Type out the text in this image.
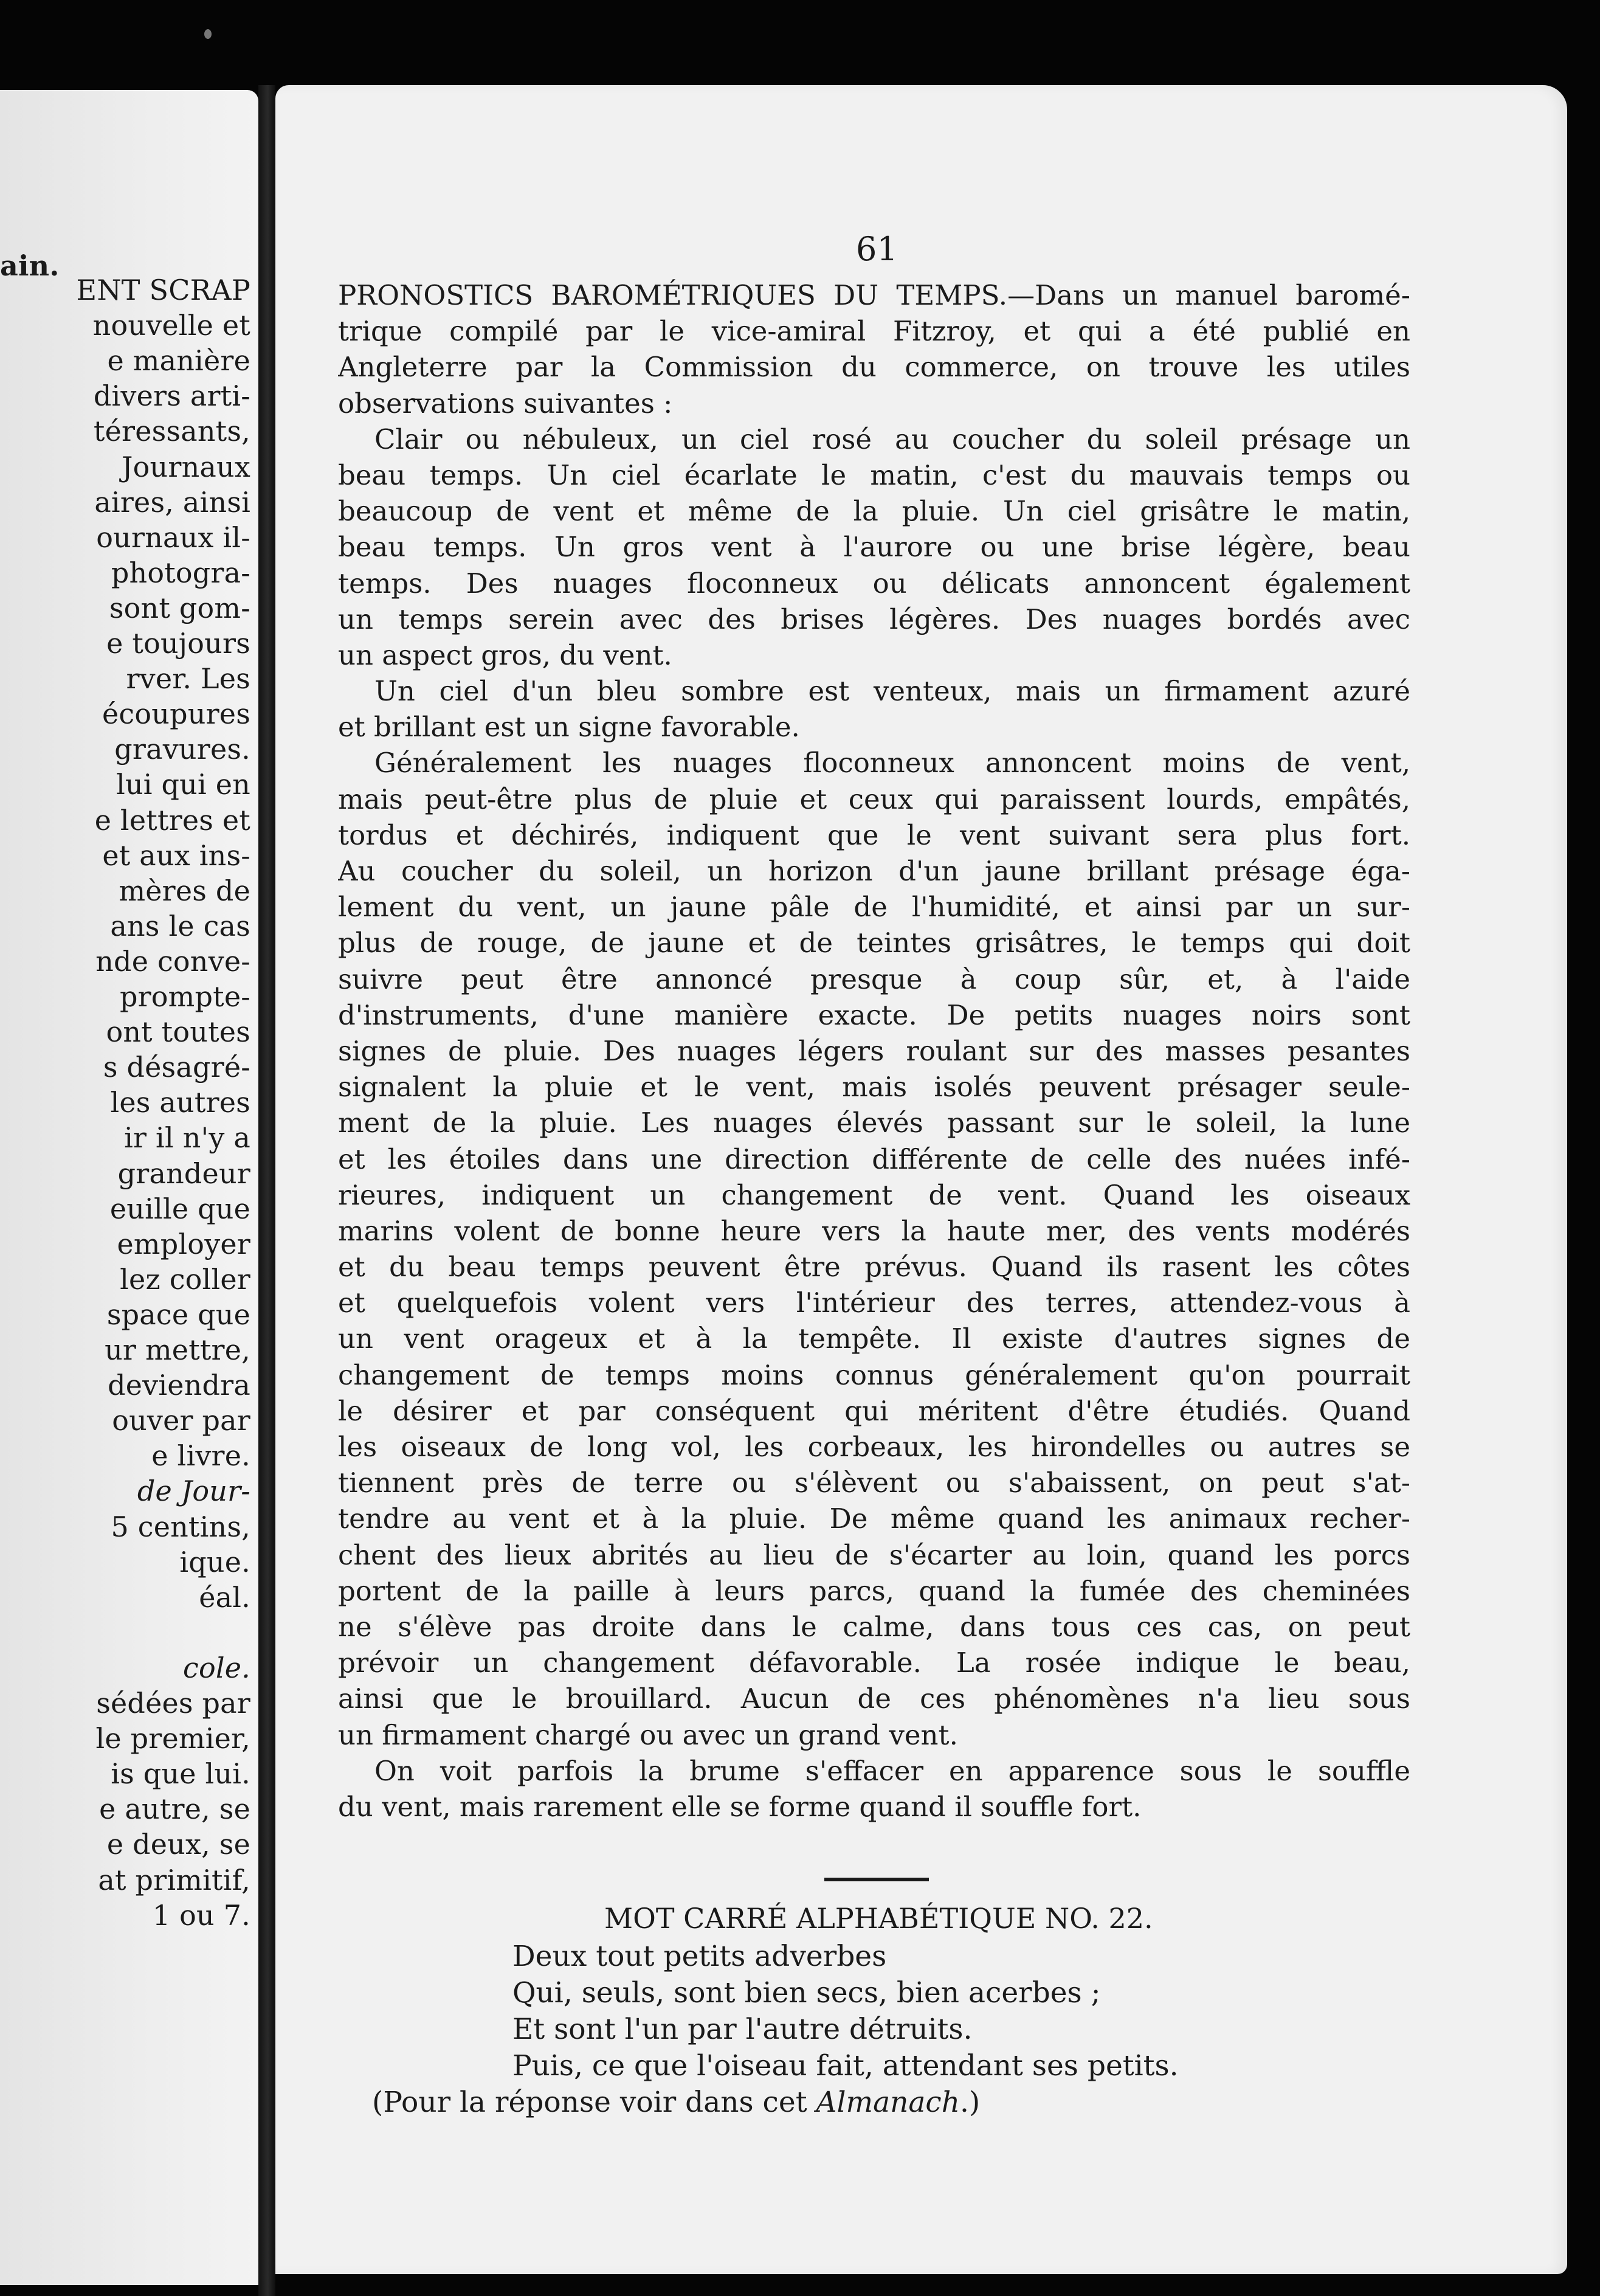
ain.
ENT SCRAP
nouvelle et
e manière
divers arti-
téressants,
Journaux
aires, ainsi
ournaux il-
photogra-
sont gom-
e toujours
rver. Les
écoupures
gravures.
lui qui en
e lettres et
et aux ins-
mères de
ans le cas
nde conve-
prompte-
ont toutes
s désagré-
les autres
ir il n'y a
grandeur
euille que
employer
lez coller
space que
ur mettre,
deviendra
ouver par
e livre.
de Jour-
5 centins,
ique.
éal.
cole.
sédées par
le premier,
is que lui.
e autre, se
e deux, se
at primitif,
1 ou 7.
61
PRONOSTICS BAROMÉTRIQUES DU TEMPS.—Dans un manuel baromé-
trique compilé par le vice-amiral Fitzroy, et qui a été publié en
Angleterre par la Commission du commerce, on trouve les utiles
observations suivantes :
Clair ou nébuleux, un ciel rosé au coucher du soleil présage un
beau temps. Un ciel écarlate le matin, c'est du mauvais temps ou
beaucoup de vent et même de la pluie. Un ciel grisâtre le matin,
beau temps. Un gros vent à l'aurore ou une brise légère, beau
temps. Des nuages floconneux ou délicats annoncent également
un temps serein avec des brises légères. Des nuages bordés avec
un aspect gros, du vent.
Un ciel d'un bleu sombre est venteux, mais un firmament azuré
et brillant est un signe favorable.
Généralement les nuages floconneux annoncent moins de vent,
mais peut-être plus de pluie et ceux qui paraissent lourds, empâtés,
tordus et déchirés, indiquent que le vent suivant sera plus fort.
Au coucher du soleil, un horizon d'un jaune brillant présage éga-
lement du vent, un jaune pâle de l'humidité, et ainsi par un sur-
plus de rouge, de jaune et de teintes grisâtres, le temps qui doit
suivre peut être annoncé presque à coup sûr, et, à l'aide
d'instruments, d'une manière exacte. De petits nuages noirs sont
signes de pluie. Des nuages légers roulant sur des masses pesantes
signalent la pluie et le vent, mais isolés peuvent présager seule-
ment de la pluie. Les nuages élevés passant sur le soleil, la lune
et les étoiles dans une direction différente de celle des nuées infé-
rieures, indiquent un changement de vent. Quand les oiseaux
marins volent de bonne heure vers la haute mer, des vents modérés
et du beau temps peuvent être prévus. Quand ils rasent les côtes
et quelquefois volent vers l'intérieur des terres, attendez-vous à
un vent orageux et à la tempête. Il existe d'autres signes de
changement de temps moins connus généralement qu'on pourrait
le désirer et par conséquent qui méritent d'être étudiés. Quand
les oiseaux de long vol, les corbeaux, les hirondelles ou autres se
tiennent près de terre ou s'élèvent ou s'abaissent, on peut s'at-
tendre au vent et à la pluie. De même quand les animaux recher-
chent des lieux abrités au lieu de s'écarter au loin, quand les porcs
portent de la paille à leurs parcs, quand la fumée des cheminées
ne s'élève pas droite dans le calme, dans tous ces cas, on peut
prévoir un changement défavorable. La rosée indique le beau,
ainsi que le brouillard. Aucun de ces phénomènes n'a lieu sous
un firmament chargé ou avec un grand vent.
On voit parfois la brume s'effacer en apparence sous le souffle
du vent, mais rarement elle se forme quand il souffle fort.
MOT CARRÉ ALPHABÉTIQUE NO. 22.
Deux tout petits adverbes
Qui, seuls, sont bien secs, bien acerbes ;
Et sont l'un par l'autre détruits.
Puis, ce que l'oiseau fait, attendant ses petits.
(Pour la réponse voir dans cet Almanach.)
